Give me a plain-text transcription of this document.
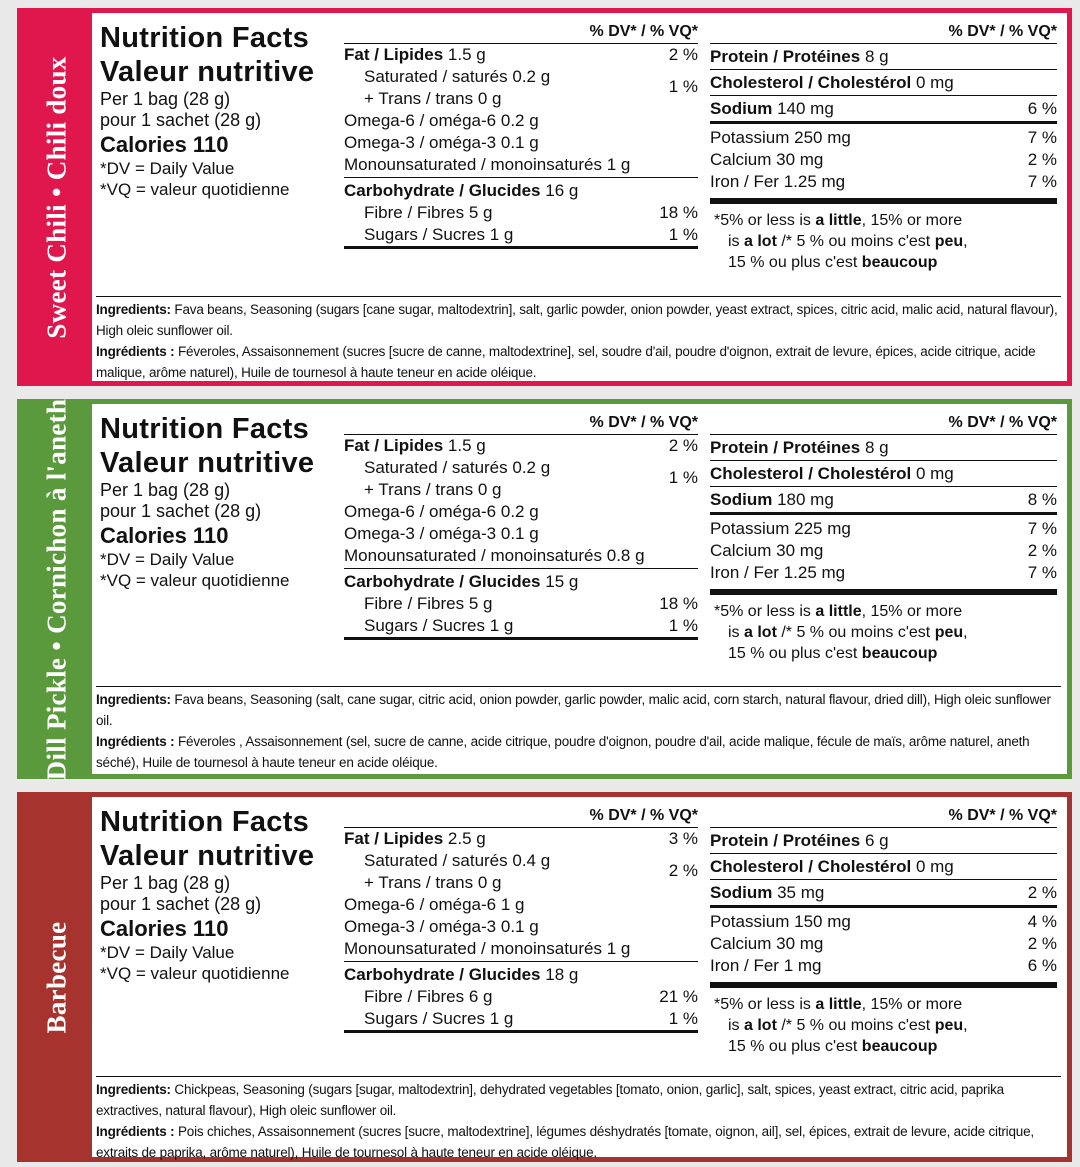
Sweet Chili • Chili doux
Nutrition Facts
Valeur nutritive
Per 1 bag (28 g)
pour 1 sachet (28 g)
Calories 110
*DV = Daily Value
*VQ = valeur quotidienne
% DV* / % VQ*
Fat / Lipides 1.5 g	2 %
Saturated / saturés 0.2 g
+ Trans / trans 0 g
1 %
Omega-6 / oméga-6 0.2 g
Omega-3 / oméga-3 0.1 g
Monounsaturated / monoinsaturés 1 g
Carbohydrate / Glucides 16 g
Fibre / Fibres 5 g	18 %
Sugars / Sucres 1 g	1 %
% DV* / % VQ*
Protein / Protéines 8 g
Cholesterol / Cholestérol 0 mg
Sodium 140 mg	6 %
Potassium 250 mg	7 %
Calcium 30 mg	2 %
Iron / Fer 1.25 mg	7 %
*5% or less is a little, 15% or more
is a lot /* 5 % ou moins c'est peu,
15 % ou plus c'est beaucoup
Ingredients: Fava beans, Seasoning (sugars [cane sugar, maltodextrin], salt, garlic powder, onion powder, yeast extract, spices, citric acid, malic acid, natural flavour), High oleic sunflower oil.
Ingrédients : Féveroles, Assaisonnement (sucres [sucre de canne, maltodextrine], sel, soudre d'ail, poudre d'oignon, extrait de levure, épices, acide citrique, acide malique, arôme naturel), Huile de tournesol à haute teneur en acide oléique.
Dill Pickle • Cornichon à l'aneth Nutrition Facts
Valeur nutritive
Per 1 bag (28 g)
pour 1 sachet (28 g)
Calories 110
*DV = Daily Value
*VQ = valeur quotidienne
% DV* / % VQ*
Fat / Lipides 1.5 g	2 %
Saturated / saturés 0.2 g
+ Trans / trans 0 g
1 %
Omega-6 / oméga-6 0.2 g
Omega-3 / oméga-3 0.1 g
Monounsaturated / monoinsaturés 0.8 g
Carbohydrate / Glucides 15 g
Fibre / Fibres 5 g	18 %
Sugars / Sucres 1 g	1 %
% DV* / % VQ*
Protein / Protéines 8 g
Cholesterol / Cholestérol 0 mg
Sodium 180 mg	8 %
Potassium 225 mg	7 %
Calcium 30 mg	2 %
Iron / Fer 1.25 mg	7 %
*5% or less is a little, 15% or more
is a lot /* 5 % ou moins c'est peu,
15 % ou plus c'est beaucoup
Ingredients: Fava beans, Seasoning (salt, cane sugar, citric acid, onion powder, garlic powder, malic acid, corn starch, natural flavour, dried dill), High oleic sunflower oil.
Ingrédients : Féveroles , Assaisonnement (sel, sucre de canne, acide citrique, poudre d'oignon, poudre d'ail, acide malique, fécule de maïs, arôme naturel, aneth séché), Huile de tournesol à haute teneur en acide oléique.
Barbecue
Nutrition Facts
Valeur nutritive
Per 1 bag (28 g)
pour 1 sachet (28 g)
Calories 110
*DV = Daily Value
*VQ = valeur quotidienne
% DV* / % VQ*
Fat / Lipides 2.5 g	3 %
Saturated / saturés 0.4 g
+ Trans / trans 0 g
2 %
Omega-6 / oméga-6 1 g
Omega-3 / oméga-3 0.1 g
Monounsaturated / monoinsaturés 1 g
Carbohydrate / Glucides 18 g
Fibre / Fibres 6 g	21 %
Sugars / Sucres 1 g	1 %
% DV* / % VQ*
Protein / Protéines 6 g
Cholesterol / Cholestérol 0 mg
Sodium 35 mg	2 %
Potassium 150 mg	4 %
Calcium 30 mg	2 %
Iron / Fer 1 mg	6 %
*5% or less is a little, 15% or more
is a lot /* 5 % ou moins c'est peu,
15 % ou plus c'est beaucoup
Ingredients: Chickpeas, Seasoning (sugars [sugar, maltodextrin], dehydrated vegetables [tomato, onion, garlic], salt, spices, yeast extract, citric acid, paprika extractives, natural flavour), High oleic sunflower oil.
Ingrédients : Pois chiches, Assaisonnement (sucres [sucre, maltodextrine], légumes déshydratés [tomate, oignon, ail], sel, épices, extrait de levure, acide citrique, extraits de paprika, arôme naturel), Huile de tournesol à haute teneur en acide oléique.
